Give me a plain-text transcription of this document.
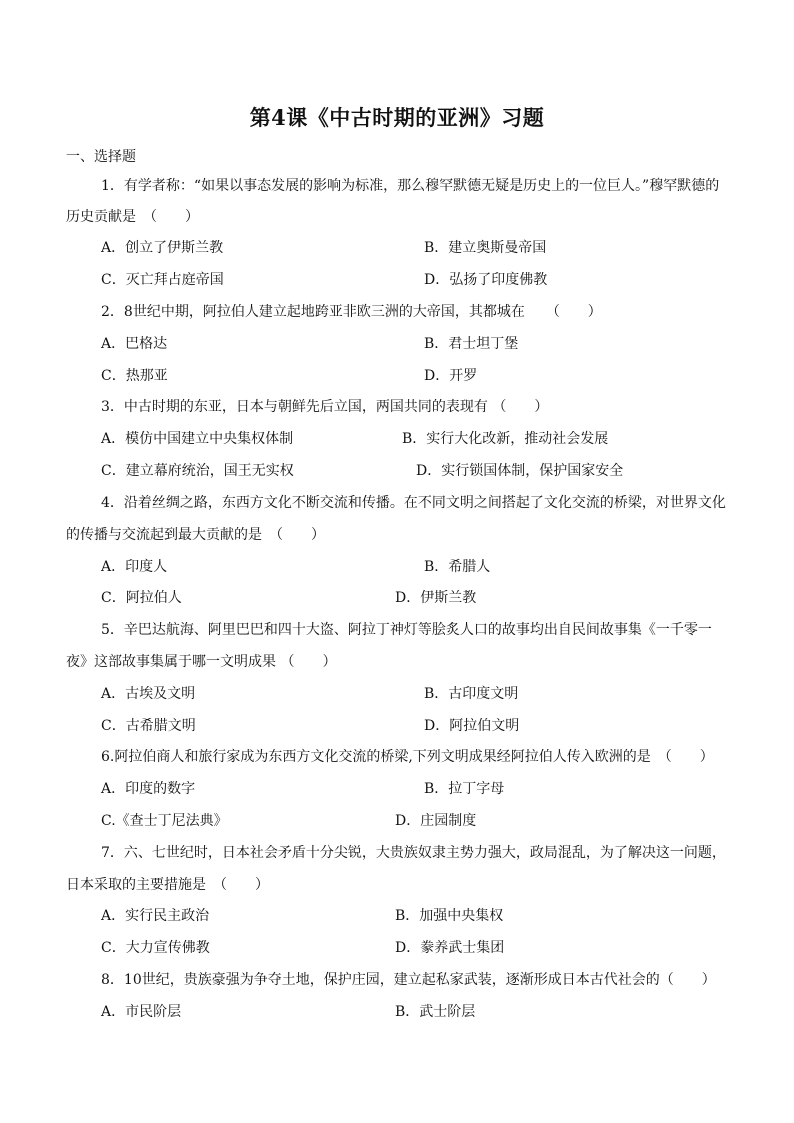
第4课《中古时期的亚洲》习题
一、选择题
1．有学者称：“如果以事态发展的影响为标准，那么穆罕默德无疑是历史上的一位巨人。”穆罕默德的
历史贡献是　（　　）
A．创立了伊斯兰教	B．建立奥斯曼帝国
C．灭亡拜占庭帝国	D．弘扬了印度佛教
2．8世纪中期，阿拉伯人建立起地跨亚非欧三洲的大帝国，其都城在　　（　　）
A．巴格达	B．君士坦丁堡
C．热那亚	D．开罗
3．中古时期的东亚，日本与朝鲜先后立国，两国共同的表现有 （　　）
A．模仿中国建立中央集权体制	B．实行大化改新，推动社会发展
C．建立幕府统治，国王无实权	D．实行锁国体制，保护国家安全
4．沿着丝绸之路，东西方文化不断交流和传播。在不同文明之间搭起了文化交流的桥梁，对世界文化
的传播与交流起到最大贡献的是　（　　）
A．印度人	B．希腊人
C．阿拉伯人	D．伊斯兰教
5．辛巴达航海、阿里巴巴和四十大盗、阿拉丁神灯等脍炙人口的故事均出自民间故事集《一千零一
夜》这部故事集属于哪一文明成果 （　　）
A．古埃及文明	B．古印度文明
C．古希腊文明	D．阿拉伯文明
6.阿拉伯商人和旅行家成为东西方文化交流的桥梁,下列文明成果经阿拉伯人传入欧洲的是　（　　）
A．印度的数字	B．拉丁字母
C.《查士丁尼法典》	D．庄园制度
7．六、七世纪时，日本社会矛盾十分尖锐，大贵族奴隶主势力强大，政局混乱，为了解决这一问题，
日本采取的主要措施是　（　　）
A．实行民主政治	B．加强中央集权
C．大力宣传佛教	D．豢养武士集团
8．10世纪，贵族豪强为争夺土地，保护庄园，建立起私家武装，逐渐形成日本古代社会的（　　）
A．市民阶层	B．武士阶层
